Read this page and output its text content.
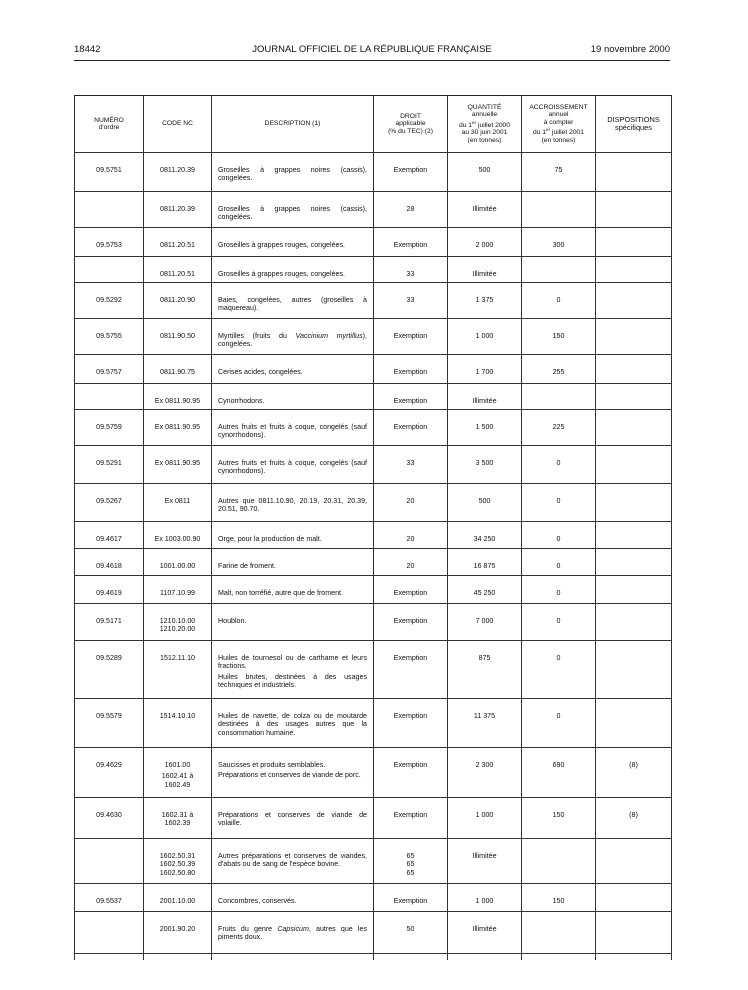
18442	JOURNAL OFFICIEL DE LA RÉPUBLIQUE FRANÇAISE	19 novembre 2000
NUMÉRO
d'ordre	CODE NC	DESCRIPTION (1)	DROIT
applicable
(% du TEC) (2)	QUANTITÉ
annuelle
du 1er juillet 2000
au 30 juin 2001
(en tonnes)	ACCROISSEMENT
annuel
à compter
du 1er juillet 2001
(en tonnes)	DISPOSITIONS
spécifiques

09.5751	0811.20.39	Groseilles à grappes noires (cassis), congelées.	Exemption	500	75	

	0811.20.39	Groseilles à grappes noires (cassis), congelées.	28	Illimitée		
09.5753	0811.20.51	Groseilles à grappes rouges, congelées.	Exemption	2 000	300	

	0811.20.51	Groseilles à grappes rouges, congelées.	33	Illimitée		
09.5292	0811.20.90	Baies, congelées, autres (groseilles à maquereau).	33	1 375	0	
09.5755	0811.90.50	Myrtilles (fruits du Vaccinium myrtillus), congelées.	Exemption	1 000	150	
09.5757	0811.90.75	Cerises acides, congelées.	Exemption	1 700	255	

	Ex 0811.90.95	Cynorrhodons.	Exemption	Illimitée		
09.5759	Ex 0811.90.95	Autres fruits et fruits à coque, congelés (sauf cynorrhodons).	Exemption	1 500	225	
09.5291	Ex 0811.90.95	Autres fruits et fruits à coque, congelés (sauf cynorrhodons).	33	3 500	0	
09.5267	Ex 0811	Autres que 0811.10.90, 20.19, 20.31, 20.39, 20.51, 90.70.	20	500	0	
09.4617	Ex 1003.00.90	Orge, pour la production de malt.	20	34 250	0	
09.4618	1001.00.00	Farine de froment.	20	16 875	0	
09.4619	1107.10.99	Malt, non torréfié, autre que de froment.	Exemption	45 250	0	
09.5171	1210.10.00
1210.20.00	Houblon.	Exemption	7 000	0	
09.5289	1512.11.10	Huiles de tournesol ou de carthame et leurs fractions.
Huiles brutes, destinées à des usages techniques et industriels.	Exemption	875	0	
09.5579	1514.10.10	Huiles de navette, de colza ou de moutarde destinées à des usages autres que la consommation humaine.	Exemption	11 375	0	
09.4629	1601.00
1602.41 à
1602.49	Saucisses et produits semblables.
Préparations et conserves de viande de porc.	Exemption	2 300	690	(8)
09.4630	1602.31 à
1602.39	Préparations et conserves de viande de volaille.	Exemption	1 000	150	(8)

	1602.50.31
1602.50.39
1602.50.80	Autres préparations et conserves de viandes, d'abats ou de sang de l'espèce bovine.	65
65
65	Illimitée		
09.5537	2001.10.00	Concombres, conservés.	Exemption	1 000	150	

	2001.90.20	Fruits du genre Capsicum, autres que les piments doux.	50	Illimitée		
